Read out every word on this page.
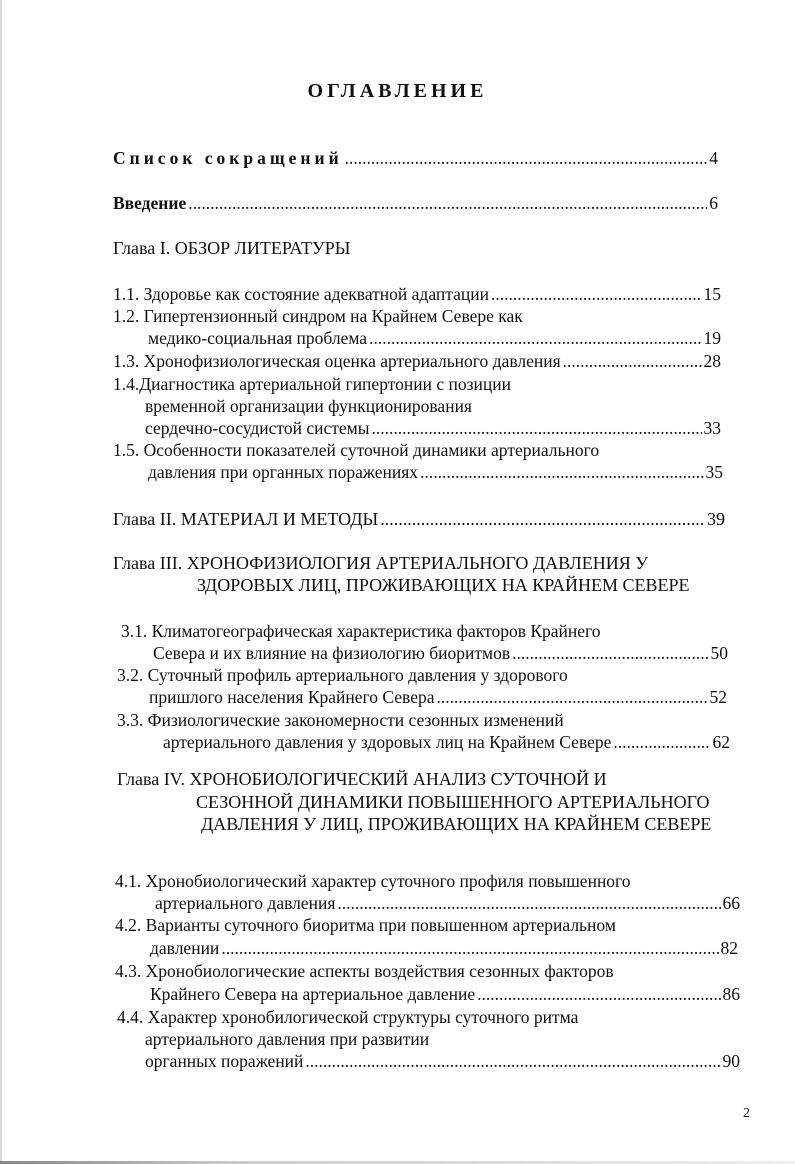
ОГЛАВЛЕНИЕ
Список сокращений .....	4
Введение .....	6
Глава I. ОБЗОР ЛИТЕРАТУРЫ
1.1. Здоровье как состояние адекватной адаптации .....	15
1.2. Гипертензионный синдром на Крайнем Севере как
медико-социальная проблема .....	19
1.3. Хронофизиологическая оценка артериального давления .....	28
1.4.Диагностика артериальной гипертонии с позиции
временной организации функционирования
сердечно-сосудистой системы .....	33
1.5. Особенности показателей суточной динамики артериального
давления при органных поражениях .....	35
Глава II. МАТЕРИАЛ И МЕТОДЫ .....	39
Глава III. ХРОНОФИЗИОЛОГИЯ АРТЕРИАЛЬНОГО ДАВЛЕНИЯ У
ЗДОРОВЫХ ЛИЦ, ПРОЖИВАЮЩИХ НА КРАЙНЕМ СЕВЕРЕ
3.1. Климатогеографическая характеристика факторов Крайнего
Севера и их влияние на физиологию биоритмов .....	50
3.2. Суточный профиль артериального давления у здорового
пришлого населения Крайнего Севера .....	52
3.3. Физиологические закономерности сезонных изменений
артериального давления у здоровых лиц на Крайнем Севере .....	62
Глава IV. ХРОНОБИОЛОГИЧЕСКИЙ АНАЛИЗ СУТОЧНОЙ И
СЕЗОННОЙ ДИНАМИКИ ПОВЫШЕННОГО АРТЕРИАЛЬНОГО
ДАВЛЕНИЯ У ЛИЦ, ПРОЖИВАЮЩИХ НА КРАЙНЕМ СЕВЕРЕ
4.1. Хронобиологический характер суточного профиля повышенного
артериального давления .....	66
4.2. Варианты суточного биоритма при повышенном артериальном
давлении .....	82
4.3. Хронобиологические аспекты воздействия сезонных факторов
Крайнего Севера на артериальное давление .....	86
4.4. Характер хронобилогической структуры суточного ритма
артериального давления при развитии
органных поражений .....	90
2
